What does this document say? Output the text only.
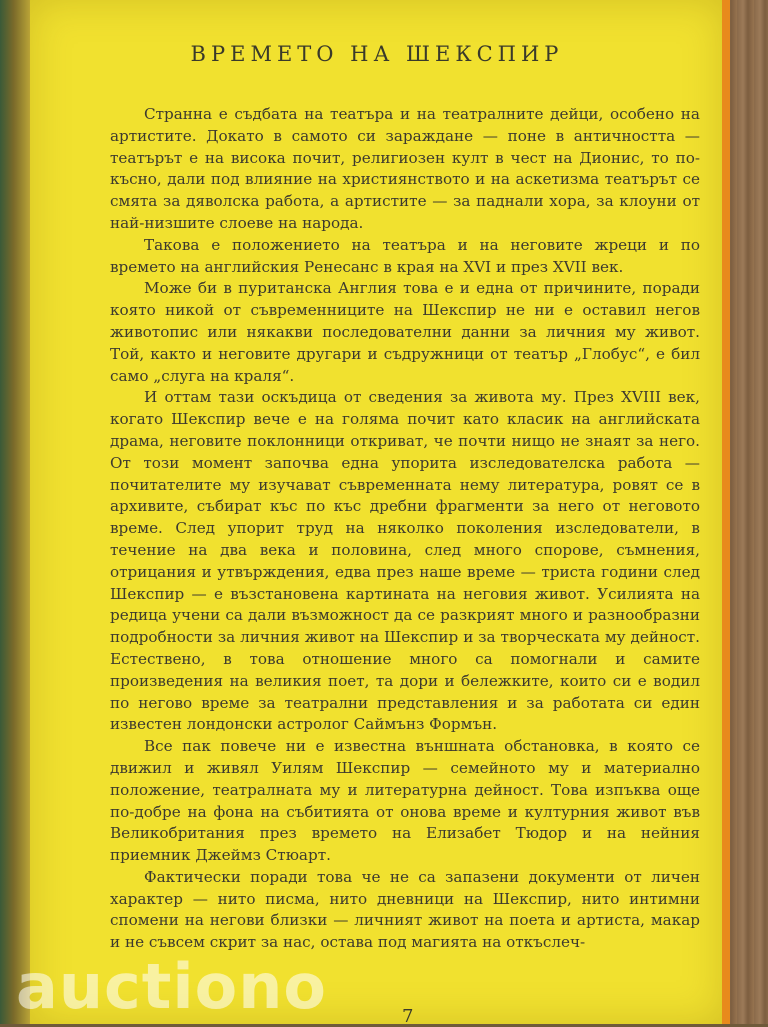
ВРЕМЕТО НА ШЕКСПИР

Странна е съдбата на театъра и на театралните дейци, особено на артистите. Докато в самото си зараждане — поне в античността — театърът е на висока почит, религиозен култ в чест на Дионис, то по-късно, дали под влияние на християнството и на аскетизма театърът се смята за дяволска работа, а артистите — за паднали хора, за клоуни от най-низшите слоеве на народа.

Такова е положението на театъра и на неговите жреци и по времето на английския Ренесанс в края на XVI и през XVII век.

Може би в пуританска Англия това е и една от причините, поради която никой от съвременниците на Шекспир не ни е оставил негов животопис или някакви последователни данни за личния му живот. Той, както и неговите другари и съдружници от театър „Глобус“, е бил само „слуга на краля“.

И оттам тази оскъдица от сведения за живота му. През XVIII век, когато Шекспир вече е на голяма почит като класик на английската драма, неговите поклонници откриват, че почти нищо не знаят за него. От този момент започва една упорита изследователска работа — почитателите му изучават съвременната нему литература, ровят се в архивите, събират къс по къс дребни фрагменти за него от неговото време. След упорит труд на няколко поколения изследователи, в течение на два века и половина, след много спорове, съмнения, отрицания и утвърждения, едва през наше време — триста години след Шекспир — е възстановена картината на неговия живот. Усилията на редица учени са дали възможност да се разкрият много и разнообразни подробности за личния живот на Шекспир и за творческата му дейност. Естествено, в това отношение много са помогнали и самите произведения на великия поет, та дори и бележките, които си е водил по негово време за театрални представления и за работата си един известен лондонски астролог Саймънз Формън.

Все пак повече ни е известна външната обстановка, в която се движил и живял Уилям Шекспир — семейното му и материално положение, театралната му и литературна дейност. Това изпъква още по-добре на фона на събитията от онова време и културния живот във Великобритания през времето на Елизабет Тюдор и на нейния приемник Джеймз Стюарт.

Фактически поради това че не са запазени документи от личен характер — нито писма, нито дневници на Шекспир, нито интимни спомени на негови близки — личният живот на поета и артиста, макар и не съвсем скрит за нас, остава под магията на откъслеч-

7
auctiono
